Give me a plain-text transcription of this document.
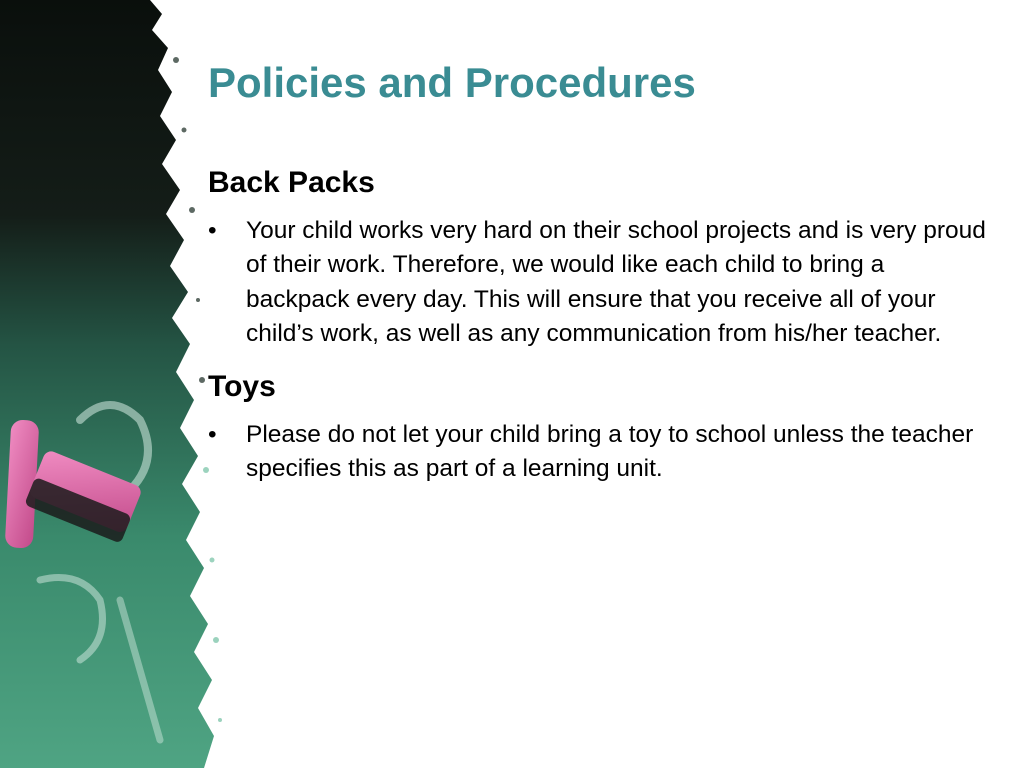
Policies and Procedures
Back Packs
• Your child works very hard on their school projects and is very proud of their work. Therefore, we would like each child to bring a backpack every day. This will ensure that you receive all of your child’s work, as well as any communication from his/her teacher.
Toys
• Please do not let your child bring a toy to school unless the teacher specifies this as part of a learning unit.
